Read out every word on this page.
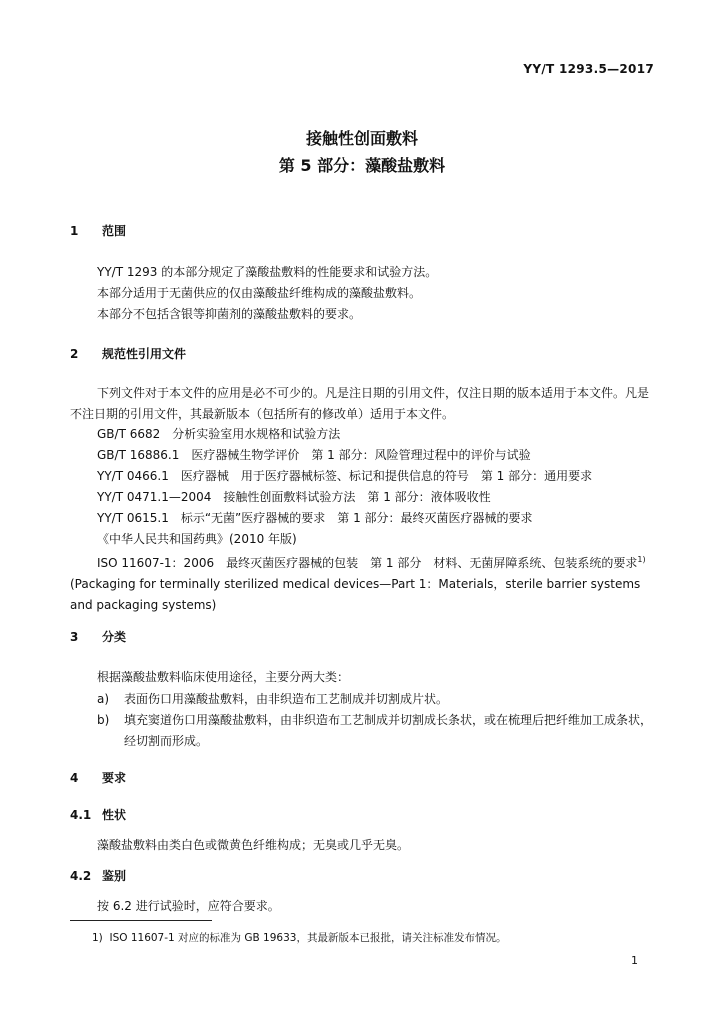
YY/T 1293.5—2017
接触性创面敷料
第 5 部分：藻酸盐敷料
1 范围
YY/T 1293 的本部分规定了藻酸盐敷料的性能要求和试验方法。
本部分适用于无菌供应的仅由藻酸盐纤维构成的藻酸盐敷料。
本部分不包括含银等抑菌剂的藻酸盐敷料的要求。
2 规范性引用文件
下列文件对于本文件的应用是必不可少的。凡是注日期的引用文件，仅注日期的版本适用于本文件。凡是不注日期的引用文件，其最新版本（包括所有的修改单）适用于本文件。
GB/T 6682　分析实验室用水规格和试验方法
GB/T 16886.1　医疗器械生物学评价　第 1 部分：风险管理过程中的评价与试验
YY/T 0466.1　医疗器械　用于医疗器械标签、标记和提供信息的符号　第 1 部分：通用要求
YY/T 0471.1—2004　接触性创面敷料试验方法　第 1 部分：液体吸收性
YY/T 0615.1　标示“无菌”医疗器械的要求　第 1 部分：最终灭菌医疗器械的要求
《中华人民共和国药典》(2010 年版)
ISO 11607-1：2006　最终灭菌医疗器械的包装　第 1 部分　材料、无菌屏障系统、包装系统的要求$^{1)}$(Packaging for terminally sterilized medical devices—Part 1：Materials，sterile barrier systems and packaging systems)
3 分类
根据藻酸盐敷料临床使用途径，主要分两大类：
a)	表面伤口用藻酸盐敷料，由非织造布工艺制成并切割成片状。
b)	填充窦道伤口用藻酸盐敷料，由非织造布工艺制成并切割成长条状，或在梳理后把纤维加工成条状，经切割而形成。
4 要求
4.1 性状
藻酸盐敷料由类白色或微黄色纤维构成；无臭或几乎无臭。
4.2 鉴别
按 6.2 进行试验时，应符合要求。
1) ISO 11607-1 对应的标准为 GB 19633，其最新版本已报批，请关注标准发布情况。
1
